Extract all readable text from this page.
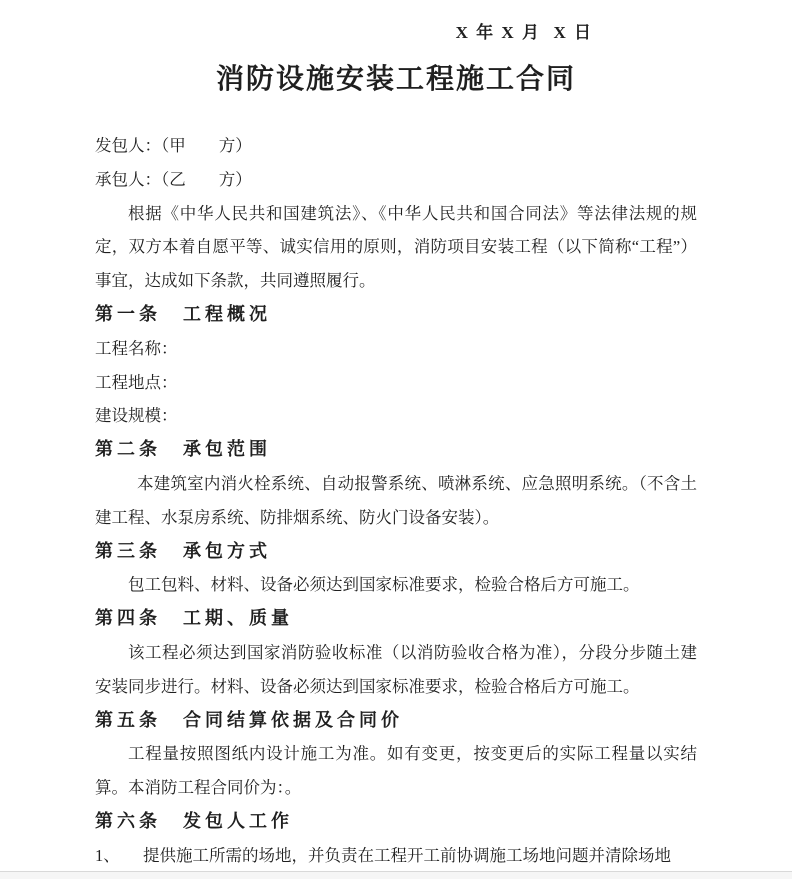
X 年 X 月  X 日
消防设施安装工程施工合同

发包人：（甲　　方）

承包人：（乙　　方）

根据《中华人民共和国建筑法》、《中华人民共和国合同法》等法律法规的规定，双方本着自愿平等、诚实信用的原则，消防项目安装工程（以下简称“工程”）事宜，达成如下条款，共同遵照履行。

第一条　工程概况

工程名称：

工程地点：

建设规模：

第二条　承包范围

本建筑室内消火栓系统、自动报警系统、喷淋系统、应急照明系统。（不含土建工程、水泵房系统、防排烟系统、防火门设备安装）。

第三条　承包方式

包工包料、材料、设备必须达到国家标准要求，检验合格后方可施工。

第四条　工期、质量

该工程必须达到国家消防验收标准（以消防验收合格为准），分段分步随土建安装同步进行。材料、设备必须达到国家标准要求，检验合格后方可施工。

第五条　合同结算依据及合同价

工程量按照图纸内设计施工为准。如有变更，按变更后的实际工程量以实结算。本消防工程合同价为：。

第六条　发包人工作

1、 提供施工所需的场地，并负责在工程开工前协调施工场地问题并清除场地
